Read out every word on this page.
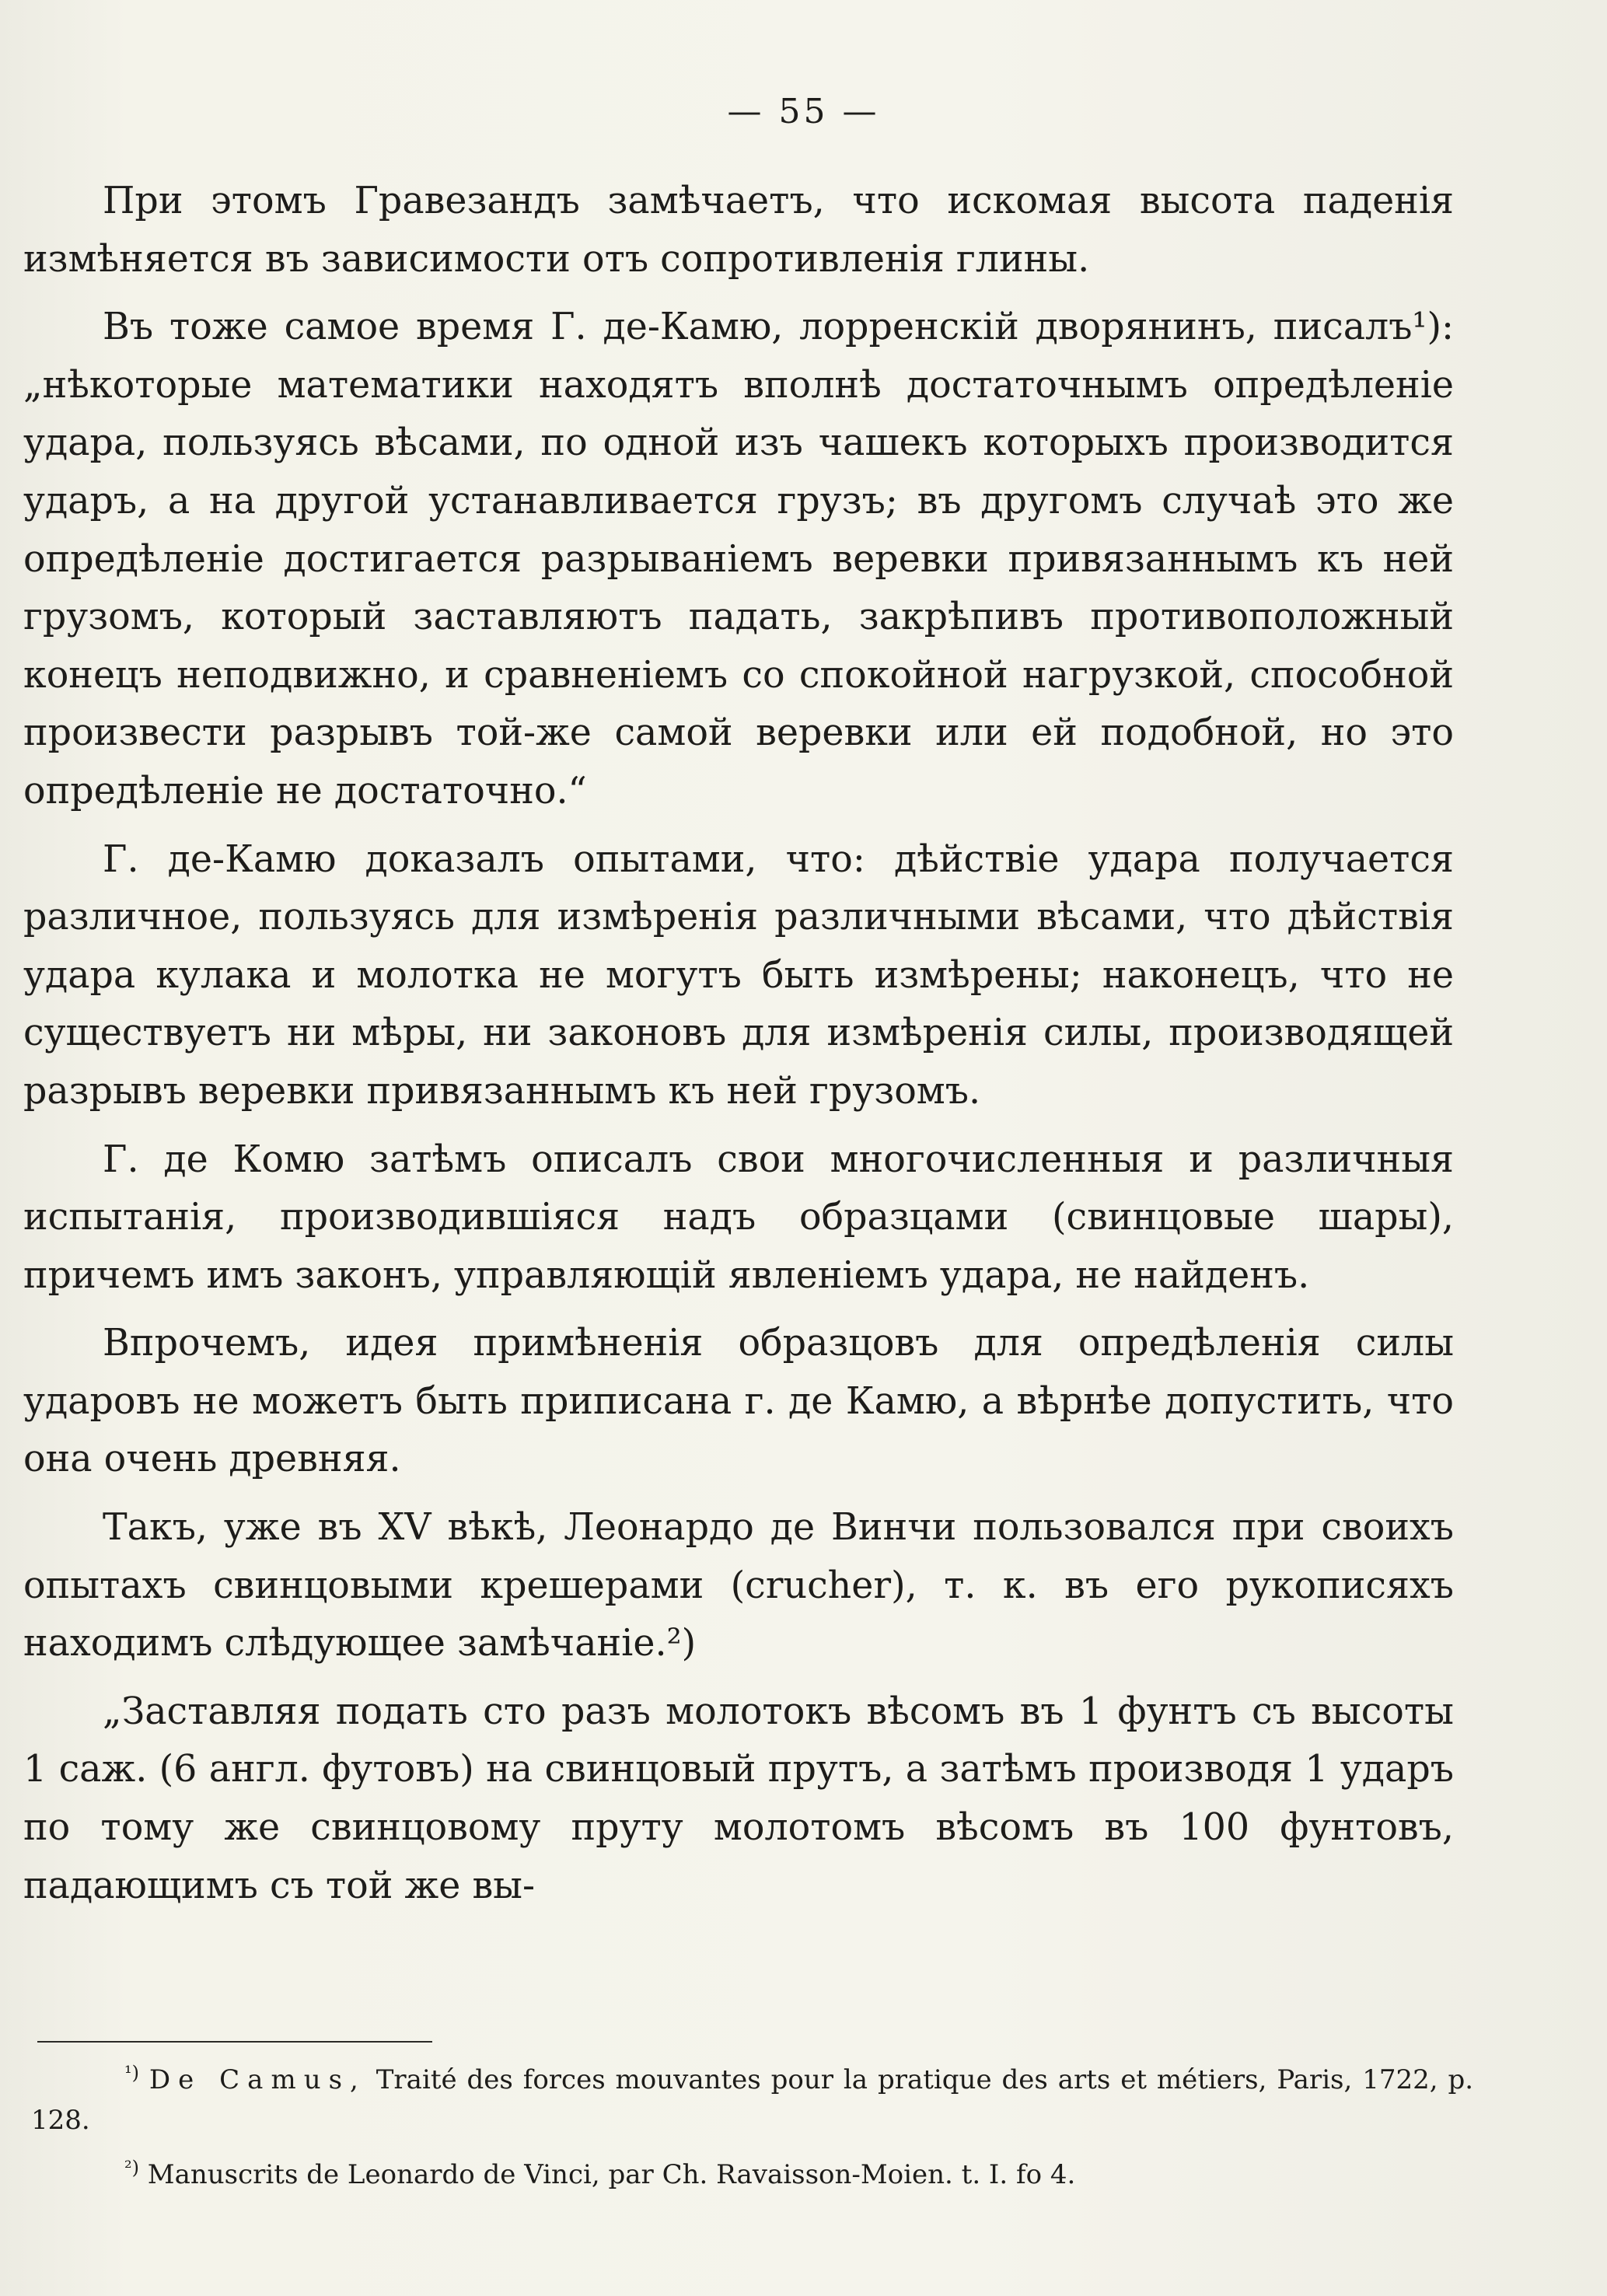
— 55 —

При этомъ Гравезандъ замѣчаетъ, что искомая высота паденія измѣняется въ зависимости отъ сопротивленія глины.

Въ тоже самое время Г. де-Камю, лорренскій дворянинъ, писалъ¹): „нѣкоторые математики находятъ вполнѣ достаточнымъ опредѣленіе удара, пользуясь вѣсами, по одной изъ чашекъ которыхъ производится ударъ, а на другой устанавливается грузъ; въ другомъ случаѣ это же опредѣленіе достигается разрываніемъ веревки привязаннымъ къ ней грузомъ, который заставляютъ падать, закрѣпивъ противоположный конецъ неподвижно, и сравненіемъ со спокойной нагрузкой, способной произвести разрывъ той-же самой веревки или ей подобной, но это опредѣленіе не достаточно.“

Г. де-Камю доказалъ опытами, что: дѣйствіе удара получается различное, пользуясь для измѣренія различными вѣсами, что дѣйствія удара кулака и молотка не могутъ быть измѣрены; наконецъ, что не существуетъ ни мѣры, ни законовъ для измѣренія силы, производящей разрывъ веревки привязаннымъ къ ней грузомъ.

Г. де Комю затѣмъ описалъ свои многочисленныя и различныя испытанія, производившіяся надъ образцами (свинцовые шары), причемъ имъ законъ, управляющій явленіемъ удара, не найденъ.

Впрочемъ, идея примѣненія образцовъ для опредѣленія силы ударовъ не можетъ быть приписана г. де Камю, а вѣрнѣе допустить, что она очень древняя.

Такъ, уже въ XV вѣкѣ, Леонардо де Винчи пользовался при своихъ опытахъ свинцовыми крешерами (crucher), т. к. въ его рукописяхъ находимъ слѣдующее замѣчаніе.²)

„Заставляя подать сто разъ молотокъ вѣсомъ въ 1 фунтъ съ высоты 1 саж. (6 англ. футовъ) на свинцовый прутъ, а затѣмъ производя 1 ударъ по тому же свинцовому пруту молотомъ вѣсомъ въ 100 фунтовъ, падающимъ съ той же вы-

$^{^1)}$ De Camus, Traité des forces mouvantes pour la pratique des arts et métiers, Paris, 1722, p. 128.

$^{^2)}$ Manuscrits de Leonardo de Vinci, par Ch. Ravaisson-Moien. t. I. fo 4.
